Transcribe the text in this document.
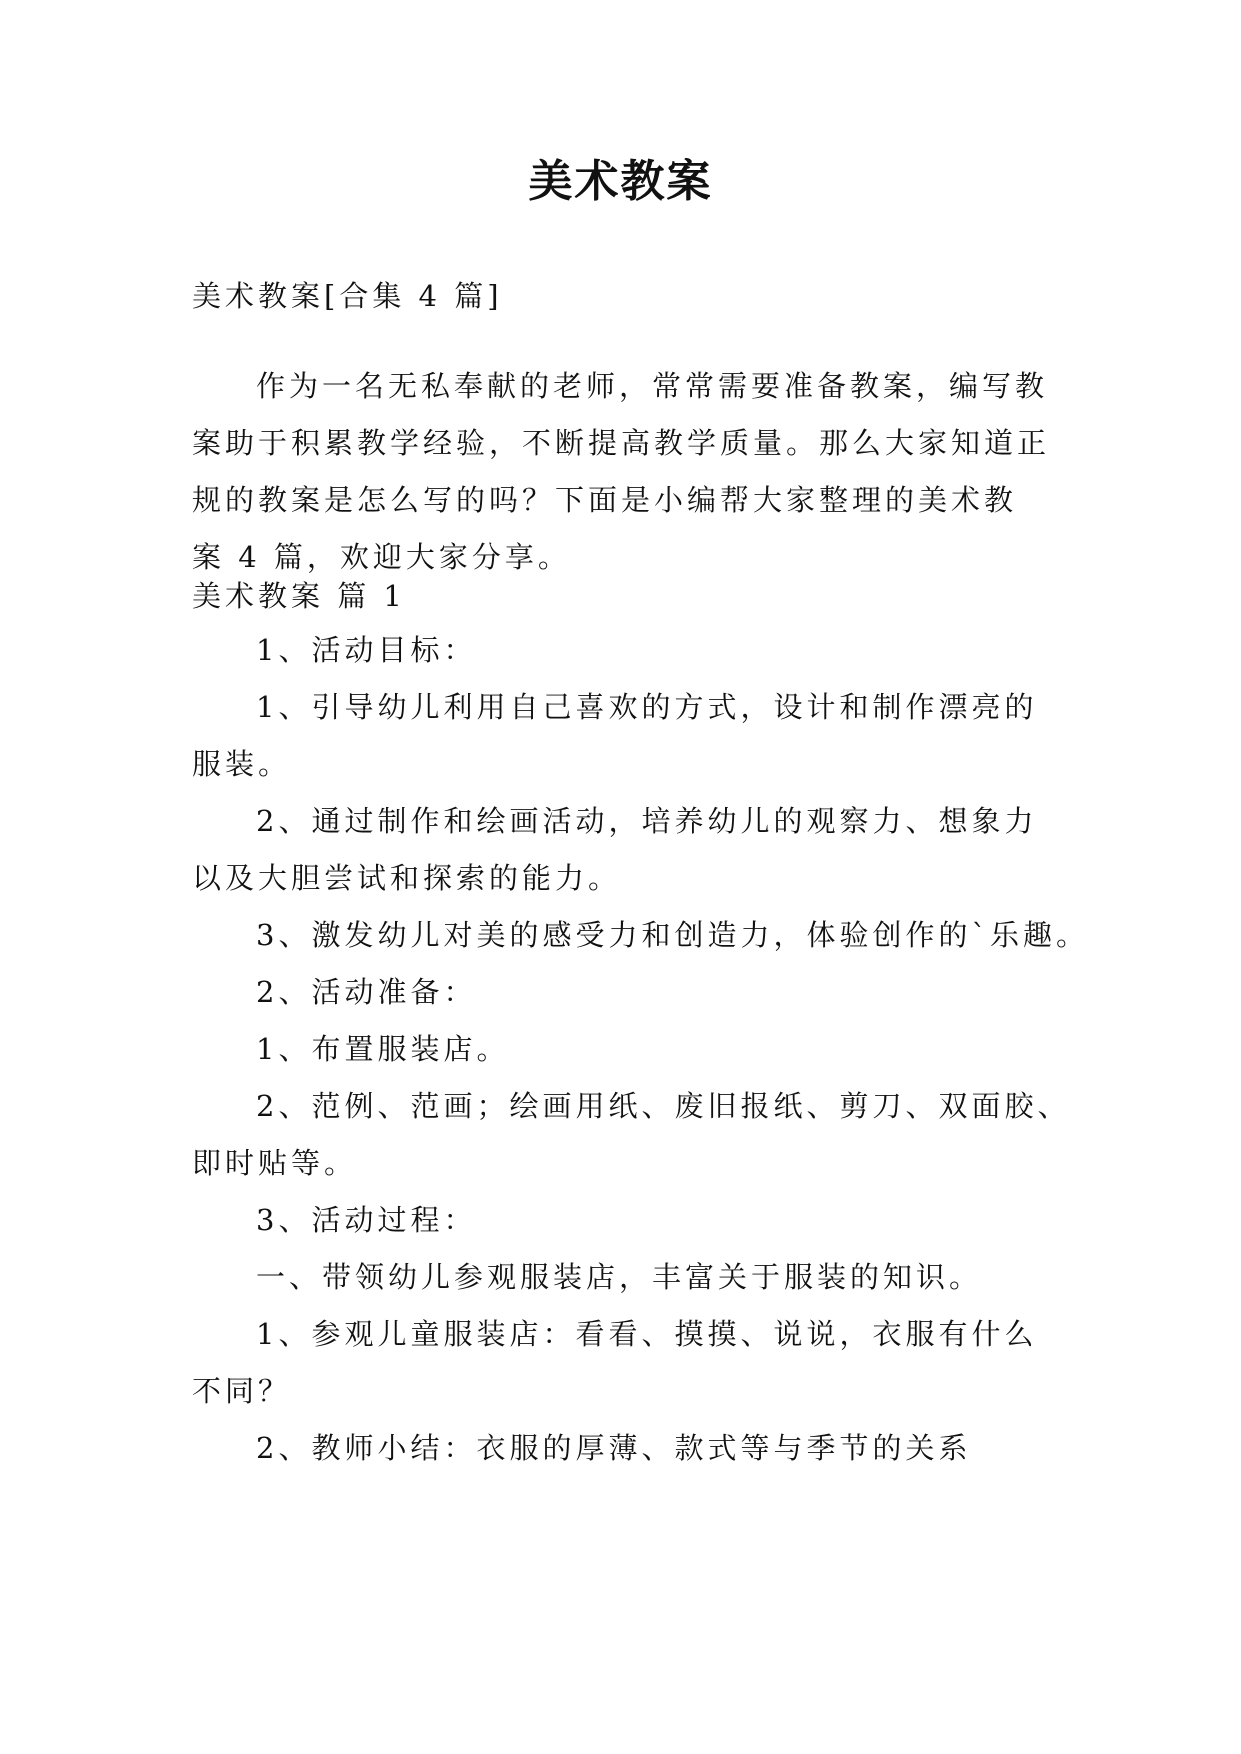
美术教案
美术教案[合集 4 篇]
作为一名无私奉献的老师，常常需要准备教案，编写教
案助于积累教学经验，不断提高教学质量。那么大家知道正
规的教案是怎么写的吗？下面是小编帮大家整理的美术教
案 4 篇，欢迎大家分享。
美术教案 篇 1
1、活动目标：
1、引导幼儿利用自己喜欢的方式，设计和制作漂亮的
服装。
2、通过制作和绘画活动，培养幼儿的观察力、想象力
以及大胆尝试和探索的能力。
3、激发幼儿对美的感受力和创造力，体验创作的`乐趣。
2、活动准备：
1、布置服装店。
2、范例、范画；绘画用纸、废旧报纸、剪刀、双面胶、
即时贴等。
3、活动过程：
一、带领幼儿参观服装店，丰富关于服装的知识。
1、参观儿童服装店：看看、摸摸、说说，衣服有什么
不同？
2、教师小结：衣服的厚薄、款式等与季节的关系
